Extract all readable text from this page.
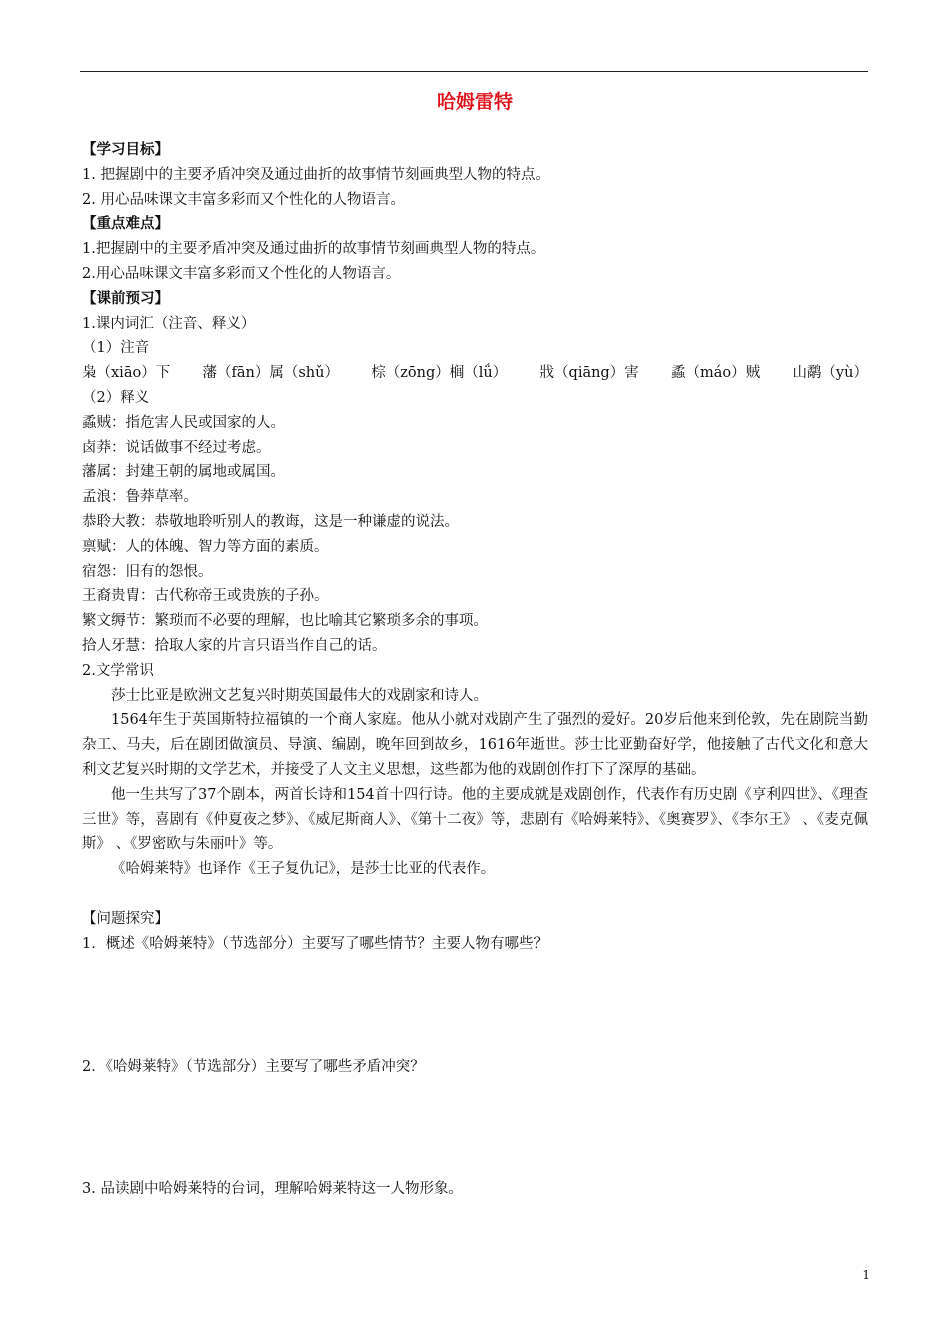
哈姆雷特

【学习目标】

1. 把握剧中的主要矛盾冲突及通过曲折的故事情节刻画典型人物的特点。

2. 用心品味课文丰富多彩而又个性化的人物语言。

【重点难点】

1.把握剧中的主要矛盾冲突及通过曲折的故事情节刻画典型人物的特点。

2.用心品味课文丰富多彩而又个性化的人物语言。

【课前预习】

1.课内词汇（注音、释义）

（1）注音

枭（xiāo）下 藩（fān）属（shǔ） 棕（zōng）榈（lǘ） 戕（qiāng）害 蟊（máo）贼 山鹬（yù）

（2）释义

蟊贼：指危害人民或国家的人。

卤莽：说话做事不经过考虑。

藩属：封建王朝的属地或属国。

孟浪：鲁莽草率。

恭聆大教：恭敬地聆听别人的教诲，这是一种谦虚的说法。

禀赋：人的体魄、智力等方面的素质。

宿怨：旧有的怨恨。

王裔贵胄：古代称帝王或贵族的子孙。

繁文缛节：繁琐而不必要的理解，也比喻其它繁琐多余的事项。

拾人牙慧：拾取人家的片言只语当作自己的话。

2.文学常识

莎士比亚是欧洲文艺复兴时期英国最伟大的戏剧家和诗人。

1564年生于英国斯特拉福镇的一个商人家庭。他从小就对戏剧产生了强烈的爱好。20岁后他来到伦敦，先在剧院当勤杂工、马夫，后在剧团做演员、导演、编剧，晚年回到故乡，1616年逝世。莎士比亚勤奋好学，他接触了古代文化和意大利文艺复兴时期的文学艺术，并接受了人文主义思想，这些都为他的戏剧创作打下了深厚的基础。

他一生共写了37个剧本，两首长诗和154首十四行诗。他的主要成就是戏剧创作，代表作有历史剧《亨利四世》、《理查三世》等，喜剧有《仲夏夜之梦》、《威尼斯商人》、《第十二夜》等，悲剧有《哈姆莱特》、《奥赛罗》、《李尔王》 、《麦克佩斯》 、《罗密欧与朱丽叶》等。

《哈姆莱特》也译作《王子复仇记》，是莎士比亚的代表作。

【问题探究】

1．概述《哈姆莱特》（节选部分）主要写了哪些情节？主要人物有哪些？

2．《哈姆莱特》（节选部分）主要写了哪些矛盾冲突？

3. 品读剧中哈姆莱特的台词，理解哈姆莱特这一人物形象。

1
